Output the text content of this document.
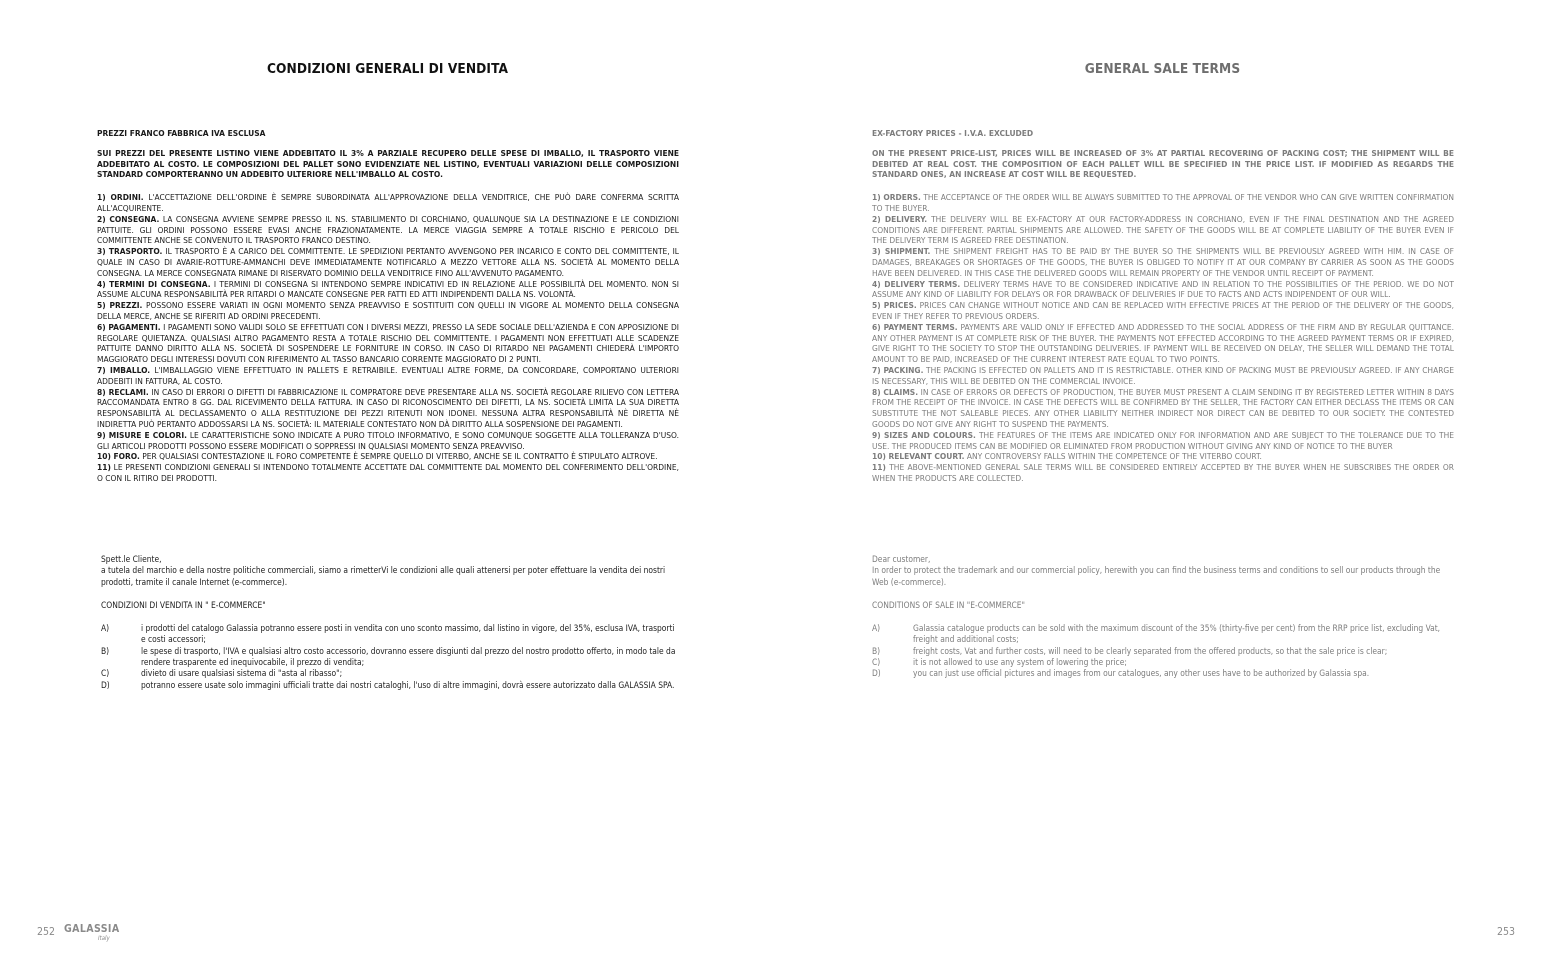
CONDIZIONI GENERALI DI VENDITA

PREZZI FRANCO FABBRICA IVA ESCLUSA

SUI PREZZI DEL PRESENTE LISTINO VIENE ADDEBITATO IL 3% A PARZIALE RECUPERO DELLE SPESE DI IMBALLO, IL TRASPORTO VIENE ADDEBITATO AL COSTO. LE COMPOSIZIONI DEL PALLET SONO EVIDENZIATE NEL LISTINO, EVENTUALI VARIAZIONI DELLE COMPOSIZIONI STANDARD COMPORTERANNO UN ADDEBITO ULTERIORE NELL'IMBALLO AL COSTO.

1) ORDINI. L'ACCETTAZIONE DELL'ORDINE È SEMPRE SUBORDINATA ALL'APPROVAZIONE DELLA VENDITRICE, CHE PUÒ DARE CONFERMA SCRITTA ALL'ACQUIRENTE.

2) CONSEGNA. LA CONSEGNA AVVIENE SEMPRE PRESSO IL NS. STABILIMENTO DI CORCHIANO, QUALUNQUE SIA LA DESTINAZIONE E LE CONDIZIONI PATTUITE. GLI ORDINI POSSONO ESSERE EVASI ANCHE FRAZIONATAMENTE. LA MERCE VIAGGIA SEMPRE A TOTALE RISCHIO E PERICOLO DEL COMMITTENTE ANCHE SE CONVENUTO IL TRASPORTO FRANCO DESTINO.

3) TRASPORTO. IL TRASPORTO È A CARICO DEL COMMITTENTE. LE SPEDIZIONI PERTANTO AVVENGONO PER INCARICO E CONTO DEL COMMITTENTE, IL QUALE IN CASO DI AVARIE-ROTTURE-AMMANCHI DEVE IMMEDIATAMENTE NOTIFICARLO A MEZZO VETTORE ALLA NS. SOCIETÀ AL MOMENTO DELLA CONSEGNA. LA MERCE CONSEGNATA RIMANE DI RISERVATO DOMINIO DELLA VENDITRICE FINO ALL'AVVENUTO PAGAMENTO.

4) TERMINI DI CONSEGNA. I TERMINI DI CONSEGNA SI INTENDONO SEMPRE INDICATIVI ED IN RELAZIONE ALLE POSSIBILITÀ DEL MOMENTO. NON SI ASSUME ALCUNA RESPONSABILITÀ PER RITARDI O MANCATE CONSEGNE PER FATTI ED ATTI INDIPENDENTI DALLA NS. VOLONTÀ.

5) PREZZI. POSSONO ESSERE VARIATI IN OGNI MOMENTO SENZA PREAVVISO E SOSTITUITI CON QUELLI IN VIGORE AL MOMENTO DELLA CONSEGNA DELLA MERCE, ANCHE SE RIFERITI AD ORDINI PRECEDENTI.

6) PAGAMENTI. I PAGAMENTI SONO VALIDI SOLO SE EFFETTUATI CON I DIVERSI MEZZI, PRESSO LA SEDE SOCIALE DELL'AZIENDA E CON APPOSIZIONE DI REGOLARE QUIETANZA. QUALSIASI ALTRO PAGAMENTO RESTA A TOTALE RISCHIO DEL COMMITTENTE. I PAGAMENTI NON EFFETTUATI ALLE SCADENZE PATTUITE DANNO DIRITTO ALLA NS. SOCIETÀ DI SOSPENDERE LE FORNITURE IN CORSO. IN CASO DI RITARDO NEI PAGAMENTI CHIEDERÀ L'IMPORTO MAGGIORATO DEGLI INTERESSI DOVUTI CON RIFERIMENTO AL TASSO BANCARIO CORRENTE MAGGIORATO DI 2 PUNTI.

7) IMBALLO. L'IMBALLAGGIO VIENE EFFETTUATO IN PALLETS E RETRAIBILE. EVENTUALI ALTRE FORME, DA CONCORDARE, COMPORTANO ULTERIORI ADDEBITI IN FATTURA, AL COSTO.

8) RECLAMI. IN CASO DI ERRORI O DIFETTI DI FABBRICAZIONE IL COMPRATORE DEVE PRESENTARE ALLA NS. SOCIETÀ REGOLARE RILIEVO CON LETTERA RACCOMANDATA ENTRO 8 GG. DAL RICEVIMENTO DELLA FATTURA. IN CASO DI RICONOSCIMENTO DEI DIFETTI, LA NS. SOCIETÀ LIMITA LA SUA DIRETTA RESPONSABILITÀ AL DECLASSAMENTO O ALLA RESTITUZIONE DEI PEZZI RITENUTI NON IDONEI. NESSUNA ALTRA RESPONSABILITÀ NÈ DIRETTA NÈ INDIRETTA PUÒ PERTANTO ADDOSSARSI LA NS. SOCIETÀ: IL MATERIALE CONTESTATO NON DÀ DIRITTO ALLA SOSPENSIONE DEI PAGAMENTI.

9) MISURE E COLORI. LE CARATTERISTICHE SONO INDICATE A PURO TITOLO INFORMATIVO, E SONO COMUNQUE SOGGETTE ALLA TOLLERANZA D'USO. GLI ARTICOLI PRODOTTI POSSONO ESSERE MODIFICATI O SOPPRESSI IN QUALSIASI MOMENTO SENZA PREAVVISO.

10) FORO. PER QUALSIASI CONTESTAZIONE IL FORO COMPETENTE È SEMPRE QUELLO DI VITERBO, ANCHE SE IL CONTRATTO È STIPULATO ALTROVE.

11) LE PRESENTI CONDIZIONI GENERALI SI INTENDONO TOTALMENTE ACCETTATE DAL COMMITTENTE DAL MOMENTO DEL CONFERIMENTO DELL'ORDINE, O CON IL RITIRO DEI PRODOTTI.

Spett.le Cliente,

a tutela del marchio e della nostre politiche commerciali, siamo a rimetterVi le condizioni alle quali attenersi per poter effettuare la vendita dei nostri prodotti, tramite il canale Internet (e-commerce).

CONDIZIONI DI VENDITA IN " E-COMMERCE"

A)	i prodotti del catalogo Galassia potranno essere posti in vendita con uno sconto massimo, dal listino in vigore, del 35%, esclusa IVA, trasporti e costi accessori;
B)	le spese di trasporto, l'IVA e qualsiasi altro costo accessorio, dovranno essere disgiunti dal prezzo del nostro prodotto offerto, in modo tale da rendere trasparente ed inequivocabile, il prezzo di vendita;
C)	divieto di usare qualsiasi sistema di "asta al ribasso";
D)	potranno essere usate solo immagini ufficiali tratte dai nostri cataloghi, l'uso di altre immagini, dovrà essere autorizzato dalla GALASSIA SPA.
252 GALASSIA
Italy
GENERAL SALE TERMS

EX-FACTORY PRICES - I.V.A. EXCLUDED

ON THE PRESENT PRICE-LIST, PRICES WILL BE INCREASED OF 3% AT PARTIAL RECOVERING OF PACKING COST; THE SHIPMENT WILL BE DEBITED AT REAL COST. THE COMPOSITION OF EACH PALLET WILL BE SPECIFIED IN THE PRICE LIST. IF MODIFIED AS REGARDS THE STANDARD ONES, AN INCREASE AT COST WILL BE REQUESTED.

1) ORDERS. THE ACCEPTANCE OF THE ORDER WILL BE ALWAYS SUBMITTED TO THE APPROVAL OF THE VENDOR WHO CAN GIVE WRITTEN CONFIRMATION TO THE BUYER.

2) DELIVERY. THE DELIVERY WILL BE EX-FACTORY AT OUR FACTORY-ADDRESS IN CORCHIANO, EVEN IF THE FINAL DESTINATION AND THE AGREED CONDITIONS ARE DIFFERENT. PARTIAL SHIPMENTS ARE ALLOWED. THE SAFETY OF THE GOODS WILL BE AT COMPLETE LIABILITY OF THE BUYER EVEN IF THE DELIVERY TERM IS AGREED FREE DESTINATION.

3) SHIPMENT. THE SHIPMENT FREIGHT HAS TO BE PAID BY THE BUYER SO THE SHIPMENTS WILL BE PREVIOUSLY AGREED WITH HIM. IN CASE OF DAMAGES, BREAKAGES OR SHORTAGES OF THE GOODS, THE BUYER IS OBLIGED TO NOTIFY IT AT OUR COMPANY BY CARRIER AS SOON AS THE GOODS HAVE BEEN DELIVERED. IN THIS CASE THE DELIVERED GOODS WILL REMAIN PROPERTY OF THE VENDOR UNTIL RECEIPT OF PAYMENT.

4) DELIVERY TERMS. DELIVERY TERMS HAVE TO BE CONSIDERED INDICATIVE AND IN RELATION TO THE POSSIBILITIES OF THE PERIOD. WE DO NOT ASSUME ANY KIND OF LIABILITY FOR DELAYS OR FOR DRAWBACK OF DELIVERIES IF DUE TO FACTS AND ACTS INDIPENDENT OF OUR WILL.

5) PRICES. PRICES CAN CHANGE WITHOUT NOTICE AND CAN BE REPLACED WITH EFFECTIVE PRICES AT THE PERIOD OF THE DELIVERY OF THE GOODS, EVEN IF THEY REFER TO PREVIOUS ORDERS.

6) PAYMENT TERMS. PAYMENTS ARE VALID ONLY IF EFFECTED AND ADDRESSED TO THE SOCIAL ADDRESS OF THE FIRM AND BY REGULAR QUITTANCE. ANY OTHER PAYMENT IS AT COMPLETE RISK OF THE BUYER. THE PAYMENTS NOT EFFECTED ACCORDING TO THE AGREED PAYMENT TERMS OR IF EXPIRED, GIVE RIGHT TO THE SOCIETY TO STOP THE OUTSTANDING DELIVERIES. IF PAYMENT WILL BE RECEIVED ON DELAY, THE SELLER WILL DEMAND THE TOTAL AMOUNT TO BE PAID, INCREASED OF THE CURRENT INTEREST RATE EQUAL TO TWO POINTS.

7) PACKING. THE PACKING IS EFFECTED ON PALLETS AND IT IS RESTRICTABLE. OTHER KIND OF PACKING MUST BE PREVIOUSLY AGREED. IF ANY CHARGE IS NECESSARY, THIS WILL BE DEBITED ON THE COMMERCIAL INVOICE.

8) CLAIMS. IN CASE OF ERRORS OR DEFECTS OF PRODUCTION, THE BUYER MUST PRESENT A CLAIM SENDING IT BY REGISTERED LETTER WITHIN 8 DAYS FROM THE RECEIPT OF THE INVOICE. IN CASE THE DEFECTS WILL BE CONFIRMED BY THE SELLER, THE FACTORY CAN EITHER DECLASS THE ITEMS OR CAN SUBSTITUTE THE NOT SALEABLE PIECES. ANY OTHER LIABILITY NEITHER INDIRECT NOR DIRECT CAN BE DEBITED TO OUR SOCIETY. THE CONTESTED GOODS DO NOT GIVE ANY RIGHT TO SUSPEND THE PAYMENTS.

9) SIZES AND COLOURS. THE FEATURES OF THE ITEMS ARE INDICATED ONLY FOR INFORMATION AND ARE SUBJECT TO THE TOLERANCE DUE TO THE USE. THE PRODUCED ITEMS CAN BE MODIFIED OR ELIMINATED FROM PRODUCTION WITHOUT GIVING ANY KIND OF NOTICE TO THE BUYER

10) RELEVANT COURT. ANY CONTROVERSY FALLS WITHIN THE COMPETENCE OF THE VITERBO COURT.

11) THE ABOVE-MENTIONED GENERAL SALE TERMS WILL BE CONSIDERED ENTIRELY ACCEPTED BY THE BUYER WHEN HE SUBSCRIBES THE ORDER OR WHEN THE PRODUCTS ARE COLLECTED.

Dear customer,

In order to protect the trademark and our commercial policy, herewith you can find the business terms and conditions to sell our products through the Web (e-commerce).

CONDITIONS OF SALE IN "E-COMMERCE"

A)	Galassia catalogue products can be sold with the maximum discount of the 35% (thirty-five per cent) from the RRP price list, excluding Vat, freight and additional costs;
B)	freight costs, Vat and further costs, will need to be clearly separated from the offered products, so that the sale price is clear;
C)	it is not allowed to use any system of lowering the price;
D)	you can just use official pictures and images from our catalogues, any other uses have to be authorized by Galassia spa.
253
